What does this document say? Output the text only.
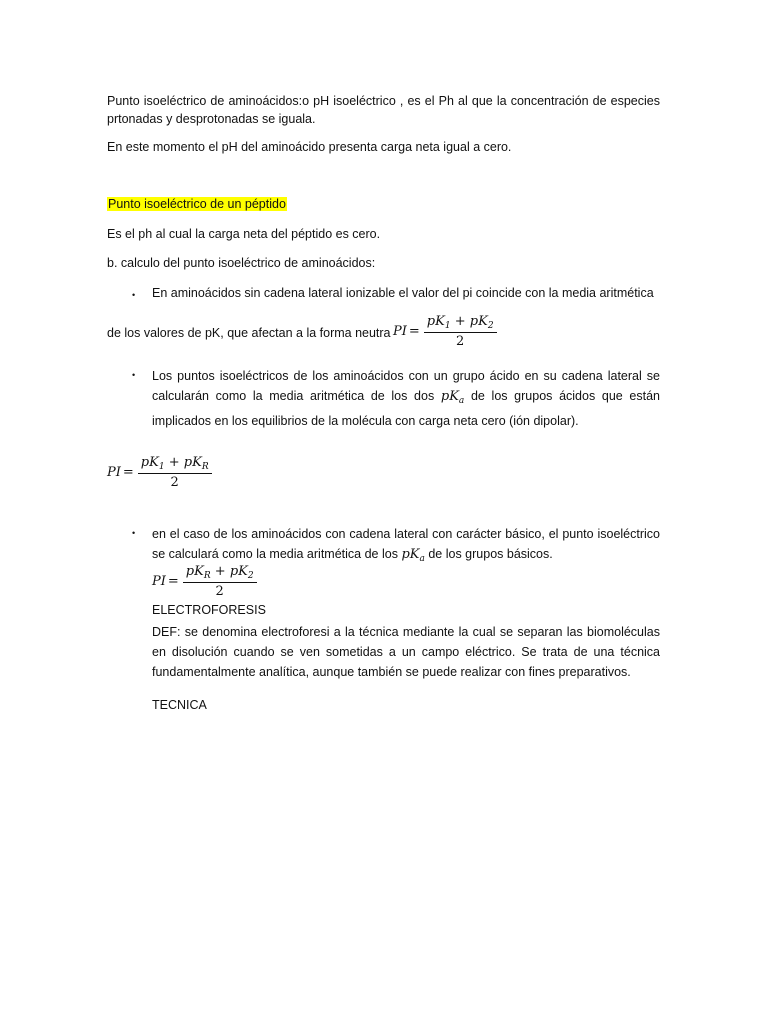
Punto isoeléctrico de aminoácidos:o pH isoeléctrico , es el Ph al que la concentración de especies prtonadas y desprotonadas se iguala.
En este momento el pH del aminoácido presenta carga neta igual a cero.
Punto isoeléctrico de un péptido
Es el ph al cual la carga neta del péptido es cero.
b. calculo del punto isoeléctrico de aminoácidos:
• En aminoácidos sin cadena lateral ionizable el valor del pi coincide con la media aritmética
de los valores de pK, que afectan a la forma neutra PI = $\frac{pK_1 + pK_2}{2}$
• Los puntos isoeléctricos de los aminoácidos con un grupo ácido en su cadena lateral se calcularán como la media aritmética de los dos $pK_a$ de los grupos ácidos que están implicados en los equilibrios de la molécula con carga neta cero (ión dipolar).
PI = $\frac{pK_1 + pK_R}{2}$
• en el caso de los aminoácidos con cadena lateral con carácter básico, el punto isoeléctrico se calculará como la media aritmética de los $pK_a$ de los grupos básicos.
PI = $\frac{pK_R + pK_2}{2}$
ELECTROFORESIS
DEF: se denomina electroforesi a la técnica mediante la cual se separan las biomoléculas en disolución cuando se ven sometidas a un campo eléctrico. Se trata de una técnica fundamentalmente analítica, aunque también se puede realizar con fines preparativos.
TECNICA
